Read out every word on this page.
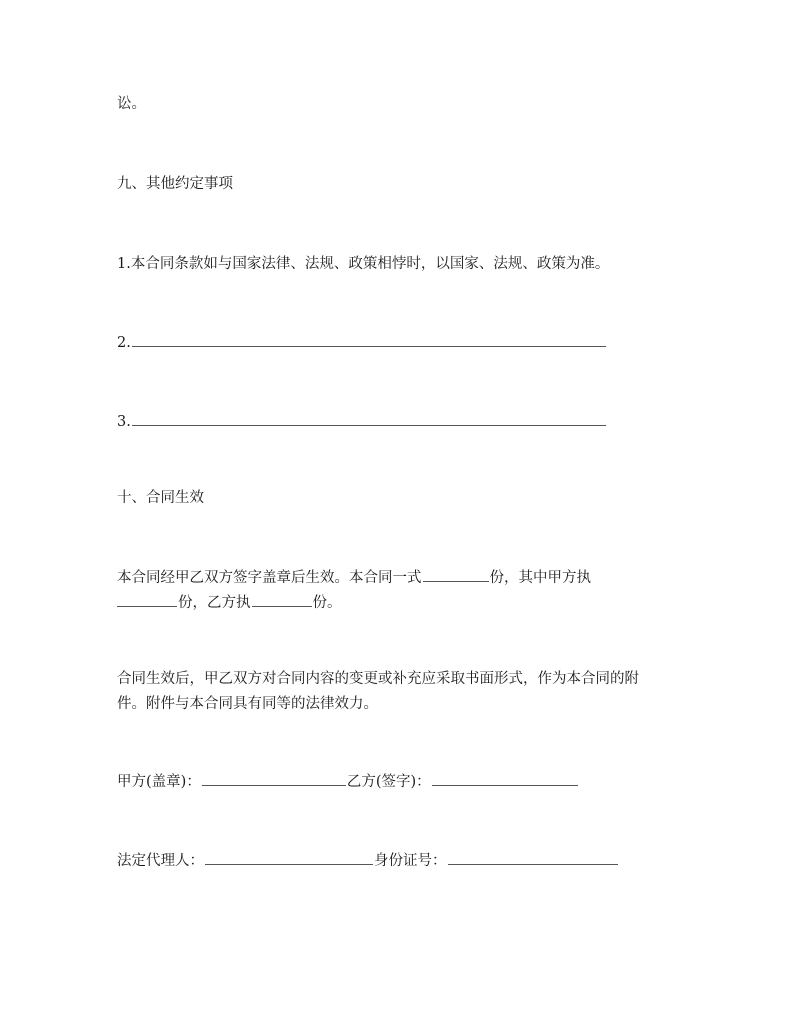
讼。
九、其他约定事项
1.本合同条款如与国家法律、法规、政策相悖时，以国家、法规、政策为准。
2.
3.
十、合同生效
本合同经甲乙双方签字盖章后生效。本合同一式	份，其中甲方执
份，乙方执	份。
合同生效后，甲乙双方对合同内容的变更或补充应采取书面形式，作为本合同的附
件。附件与本合同具有同等的法律效力。
甲方(盖章)：	乙方(签字)：
法定代理人：	身份证号：
